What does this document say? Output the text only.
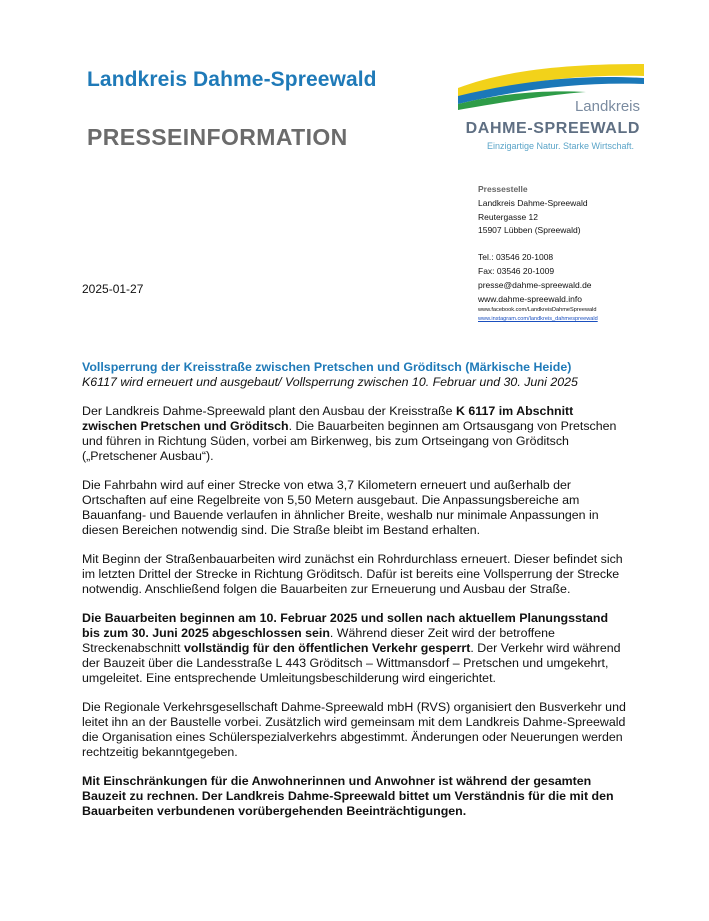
Landkreis Dahme-Spreewald
PRESSEINFORMATION
Landkreis
DAHME-SPREEWALD
Einzigartige Natur. Starke Wirtschaft.
Pressestelle
Landkreis Dahme-Spreewald
Reutergasse 12
15907 Lübben (Spreewald)
Tel.: 03546 20-1008
Fax: 03546 20-1009
presse@dahme-spreewald.de
www.dahme-spreewald.info
www.facebook.com/LandkreisDahmeSpreewald
www.instagram.com/landkreis_dahmespreewald
2025-01-27
Vollsperrung der Kreisstraße zwischen Pretschen und Gröditsch (Märkische Heide)
K6117 wird erneuert und ausgebaut/ Vollsperrung zwischen 10. Februar und 30. Juni 2025

Der Landkreis Dahme-Spreewald plant den Ausbau der Kreisstraße K 6117 im Abschnitt zwischen Pretschen und Gröditsch. Die Bauarbeiten beginnen am Ortsausgang von Pretschen und führen in Richtung Süden, vorbei am Birkenweg, bis zum Ortseingang von Gröditsch („Pretschener Ausbau“).

Die Fahrbahn wird auf einer Strecke von etwa 3,7 Kilometern erneuert und außerhalb der Ortschaften auf eine Regelbreite von 5,50 Metern ausgebaut. Die Anpassungsbereiche am Bauanfang- und Bauende verlaufen in ähnlicher Breite, weshalb nur minimale Anpassungen in diesen Bereichen notwendig sind. Die Straße bleibt im Bestand erhalten.

Mit Beginn der Straßenbauarbeiten wird zunächst ein Rohrdurchlass erneuert. Dieser befindet sich im letzten Drittel der Strecke in Richtung Gröditsch. Dafür ist bereits eine Vollsperrung der Strecke notwendig. Anschließend folgen die Bauarbeiten zur Erneuerung und Ausbau der Straße.

Die Bauarbeiten beginnen am 10. Februar 2025 und sollen nach aktuellem Planungsstand bis zum 30. Juni 2025 abgeschlossen sein. Während dieser Zeit wird der betroffene Streckenabschnitt vollständig für den öffentlichen Verkehr gesperrt. Der Verkehr wird während der Bauzeit über die Landesstraße L 443 Gröditsch – Wittmansdorf – Pretschen und umgekehrt, umgeleitet. Eine entsprechende Umleitungsbeschilderung wird eingerichtet.

Die Regionale Verkehrsgesellschaft Dahme-Spreewald mbH (RVS) organisiert den Busverkehr und leitet ihn an der Baustelle vorbei. Zusätzlich wird gemeinsam mit dem Landkreis Dahme-Spreewald die Organisation eines Schülerspezialverkehrs abgestimmt. Änderungen oder Neuerungen werden rechtzeitig bekanntgegeben.

Mit Einschränkungen für die Anwohnerinnen und Anwohner ist während der gesamten Bauzeit zu rechnen. Der Landkreis Dahme-Spreewald bittet um Verständnis für die mit den Bauarbeiten verbundenen vorübergehenden Beeinträchtigungen.
